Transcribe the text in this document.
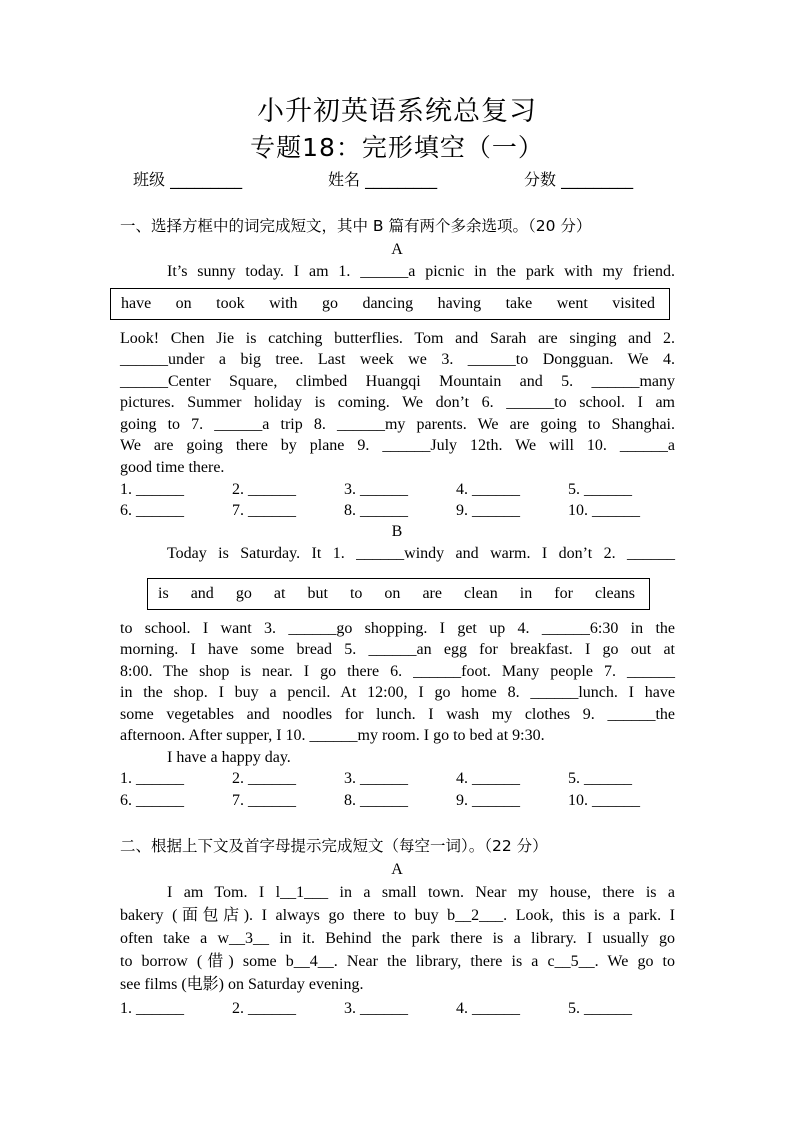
小升初英语系统总复习
专题18：完形填空（一）
班级 _________	姓名 _________	分数 _________
一、选择方框中的词完成短文，其中 B 篇有两个多余选项。（20 分）
A
It’s sunny today. I am 1. ______a picnic in the park with my friend.
have on took with go dancing having take went visited
Look! Chen Jie is catching butterflies. Tom and Sarah are singing and 2.
______under a big tree. Last week we 3. ______to Dongguan. We 4.
______Center Square, climbed Huangqi Mountain and 5. ______many
pictures. Summer holiday is coming. We don’t 6. ______to school. I am
going to 7. ______a trip 8. ______my parents. We are going to Shanghai.
We are going there by plane 9. ______July 12th. We will 10. ______a
good time there.
1. ______	2. ______	3. ______	4. ______	5. ______
6. ______	7. ______	8. ______	9. ______	10. ______
B
Today is Saturday. It 1. ______windy and warm. I don’t 2. ______
is and go at but to on are clean in for cleans
to school. I want 3. ______go shopping. I get up 4. ______6:30 in the
morning. I have some bread 5. ______an egg for breakfast. I go out at
8:00. The shop is near. I go there 6. ______foot. Many people 7. ______
in the shop. I buy a pencil. At 12:00, I go home 8. ______lunch. I have
some vegetables and noodles for lunch. I wash my clothes 9. ______the
afternoon. After supper, I 10. ______my room. I go to bed at 9:30.
I have a happy day.
1. ______	2. ______	3. ______	4. ______	5. ______
6. ______	7. ______	8. ______	9. ______	10. ______
二、根据上下文及首字母提示完成短文（每空一词）。（22 分）
A
I am Tom. I l__1___ in a small town. Near my house, there is a
bakery (面包店). I always go there to buy b__2___. Look, this is a park. I
often take a w__3__ in it. Behind the park there is a library. I usually go
to borrow (借) some b__4__. Near the library, there is a c__5__. We go to
see films (电影) on Saturday evening.
1. ______	2. ______	3. ______	4. ______	5. ______
